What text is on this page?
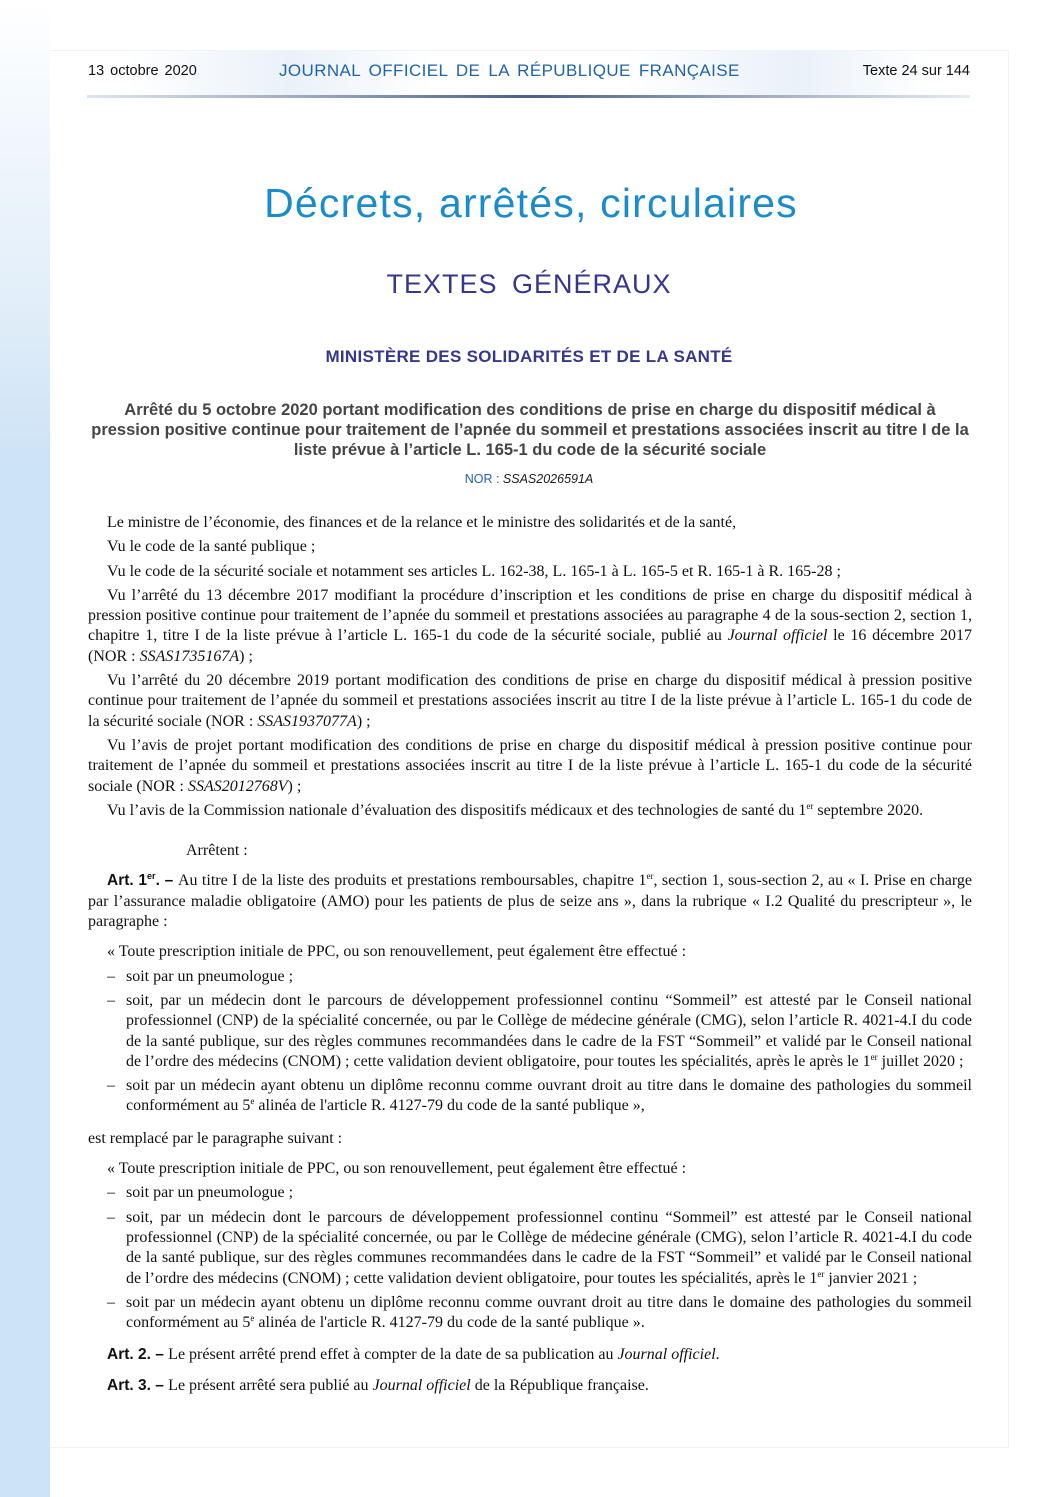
13 octobre 2020	JOURNAL OFFICIEL DE LA RÉPUBLIQUE FRANÇAISE	Texte 24 sur 144
Décrets, arrêtés, circulaires
TEXTES GÉNÉRAUX
MINISTÈRE DES SOLIDARITÉS ET DE LA SANTÉ
Arrêté du 5 octobre 2020 portant modification des conditions de prise en charge du dispositif médical à pression positive continue pour traitement de l’apnée du sommeil et prestations associées inscrit au titre I de la liste prévue à l’article L. 165-1 du code de la sécurité sociale
NOR : SSAS2026591A

Le ministre de l’économie, des finances et de la relance et le ministre des solidarités et de la santé,

Vu le code de la santé publique ;

Vu le code de la sécurité sociale et notamment ses articles L. 162-38, L. 165-1 à L. 165-5 et R. 165-1 à R. 165-28 ;

Vu l’arrêté du 13 décembre 2017 modifiant la procédure d’inscription et les conditions de prise en charge du dispositif médical à pression positive continue pour traitement de l’apnée du sommeil et prestations associées au paragraphe 4 de la sous-section 2, section 1, chapitre 1, titre I de la liste prévue à l’article L. 165-1 du code de la sécurité sociale, publié au Journal officiel le 16 décembre 2017 (NOR : SSAS1735167A) ;

Vu l’arrêté du 20 décembre 2019 portant modification des conditions de prise en charge du dispositif médical à pression positive continue pour traitement de l’apnée du sommeil et prestations associées inscrit au titre I de la liste prévue à l’article L. 165-1 du code de la sécurité sociale (NOR : SSAS1937077A) ;

Vu l’avis de projet portant modification des conditions de prise en charge du dispositif médical à pression positive continue pour traitement de l’apnée du sommeil et prestations associées inscrit au titre I de la liste prévue à l’article L. 165-1 du code de la sécurité sociale (NOR : SSAS2012768V) ;

Vu l’avis de la Commission nationale d’évaluation des dispositifs médicaux et des technologies de santé du 1er septembre 2020.

Arrêtent :

Art. 1er. – Au titre I de la liste des produits et prestations remboursables, chapitre 1er, section 1, sous-section 2, au « I. Prise en charge par l’assurance maladie obligatoire (AMO) pour les patients de plus de seize ans », dans la rubrique « I.2 Qualité du prescripteur », le paragraphe :

« Toute prescription initiale de PPC, ou son renouvellement, peut également être effectué :
– soit par un pneumologue ;
– soit, par un médecin dont le parcours de développement professionnel continu “Sommeil” est attesté par le Conseil national professionnel (CNP) de la spécialité concernée, ou par le Collège de médecine générale (CMG), selon l’article R. 4021-4.I du code de la santé publique, sur des règles communes recommandées dans le cadre de la FST “Sommeil” et validé par le Conseil national de l’ordre des médecins (CNOM) ; cette validation devient obligatoire, pour toutes les spécialités, après le après le 1er juillet 2020 ;
– soit par un médecin ayant obtenu un diplôme reconnu comme ouvrant droit au titre dans le domaine des pathologies du sommeil conformément au 5e alinéa de l'article R. 4127-79 du code de la santé publique »,

est remplacé par le paragraphe suivant :

« Toute prescription initiale de PPC, ou son renouvellement, peut également être effectué :
– soit par un pneumologue ;
– soit, par un médecin dont le parcours de développement professionnel continu “Sommeil” est attesté par le Conseil national professionnel (CNP) de la spécialité concernée, ou par le Collège de médecine générale (CMG), selon l’article R. 4021-4.I du code de la santé publique, sur des règles communes recommandées dans le cadre de la FST “Sommeil” et validé par le Conseil national de l’ordre des médecins (CNOM) ; cette validation devient obligatoire, pour toutes les spécialités, après le 1er janvier 2021 ;
– soit par un médecin ayant obtenu un diplôme reconnu comme ouvrant droit au titre dans le domaine des pathologies du sommeil conformément au 5e alinéa de l'article R. 4127-79 du code de la santé publique ».

Art. 2. – Le présent arrêté prend effet à compter de la date de sa publication au Journal officiel.

Art. 3. – Le présent arrêté sera publié au Journal officiel de la République française.
